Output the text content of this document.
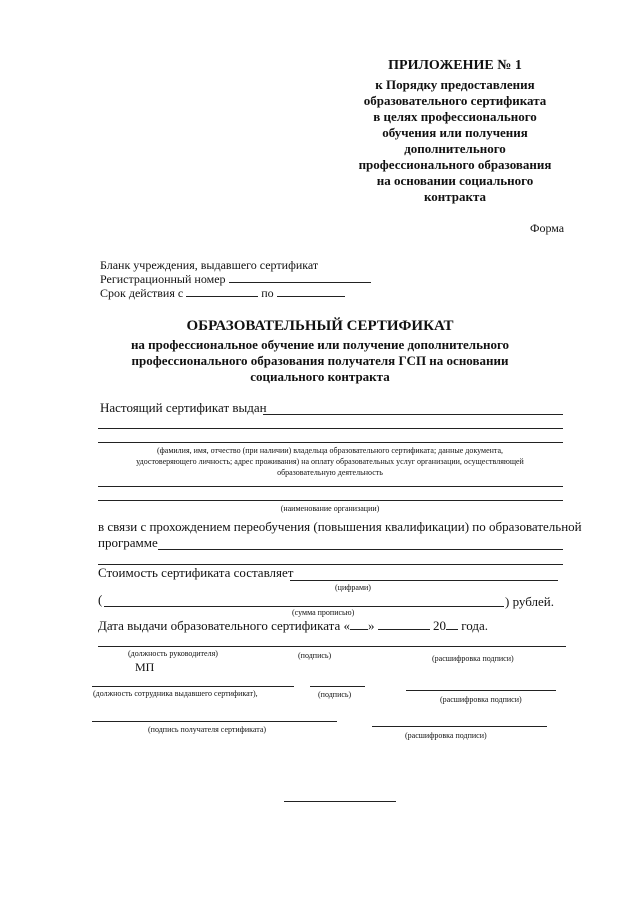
ПРИЛОЖЕНИЕ № 1
к Порядку предоставления
образовательного сертификата
в целях профессионального
обучения или получения
дополнительного
профессионального образования
на основании социального
контракта
Форма
Бланк учреждения, выдавшего сертификат
Регистрационный номер
Срок действия с	по
ОБРАЗОВАТЕЛЬНЫЙ СЕРТИФИКАТ
на профессиональное обучение или получение дополнительного
профессионального образования получателя ГСП на основании
социального контракта
Настоящий сертификат выдан
(фамилия, имя, отчество (при наличии) владельца образовательного сертификата; данные документа,
удостоверяющего личность; адрес проживания) на оплату образовательных услуг организации, осуществляющей
образовательную деятельность
(наименование организации)
в связи с прохождением переобучения (повышения квалификации) по образовательной
программе
Стоимость сертификата составляет
(цифрами)
(	) рублей.
(сумма прописью)
Дата выдачи образовательного сертификата « »	20 года.
(должность руководителя)	(подпись)	(расшифровка подписи)
МП
(должность сотрудника выдавшего сертификат),	(подпись)
(расшифровка подписи)
(подпись получателя сертификата)
(расшифровка подписи)
